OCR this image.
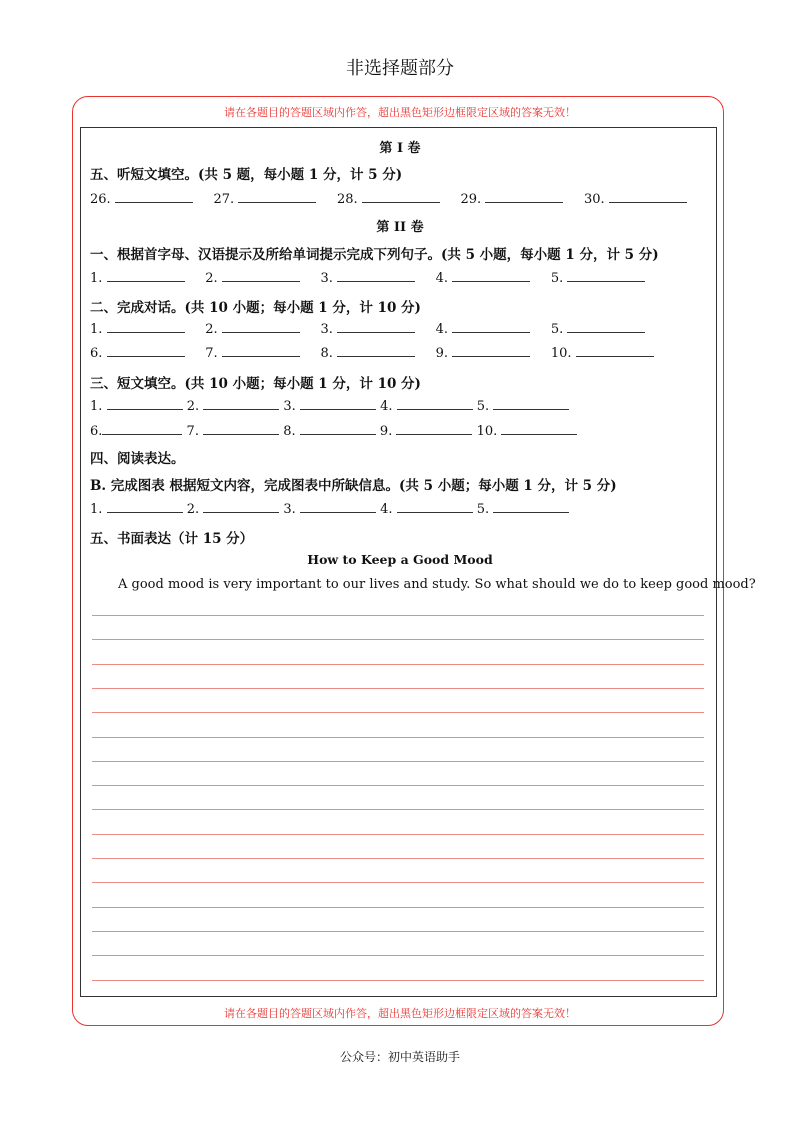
非选择题部分
请在各题目的答题区域内作答，超出黑色矩形边框限定区域的答案无效！
请在各题目的答题区域内作答，超出黑色矩形边框限定区域的答案无效！
第 I 卷
五、听短文填空。(共 5 题，每小题 1 分，计 5 分)
26.	27.	28.	29.	30.
第 II 卷
一、根据首字母、汉语提示及所给单词提示完成下列句子。(共 5 小题，每小题 1 分，计 5 分)
1.	2.	3.	4.	5.
二、完成对话。(共 10 小题；每小题 1 分，计 10 分)
1.	2.	3.	4.	5.
6.	7.	8.	9.	10.
三、短文填空。(共 10 小题；每小题 1 分，计 10 分)
1.	2.	3.	4.	5.
6.	7.	8.	9.	10.
四、阅读表达。
B. 完成图表 根据短文内容，完成图表中所缺信息。(共 5 小题；每小题 1 分，计 5 分)
1.	2.	3.	4.	5.
五、书面表达（计 15 分）
How to Keep a Good Mood
A good mood is very important to our lives and study. So what should we do to keep good mood?
公众号：初中英语助手
